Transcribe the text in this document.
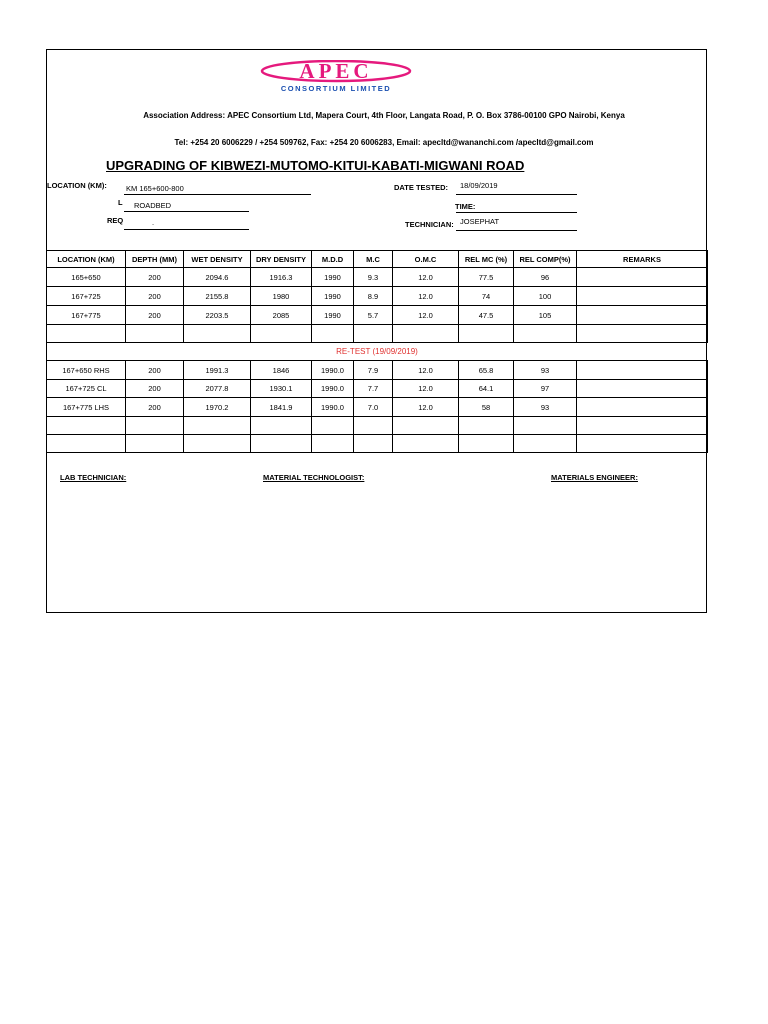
APEC
CONSORTIUM LIMITED
Association Address: APEC Consortium Ltd, Mapera Court, 4th Floor, Langata Road, P. O. Box 3786-00100 GPO Nairobi, Kenya
Tel: +254 20 6006229 / +254 509762, Fax: +254 20 6006283, Email: apecltd@wananchi.com /apecltd@gmail.com
UPGRADING OF KIBWEZI-MUTOMO-KITUI-KABATI-MIGWANI ROAD
LOCATION (KM):	KM 165+600-800
L ROADBED
REQ	.
DATE TESTED: 18/09/2019
TIME:
TECHNICIAN: JOSEPHAT
LOCATION (KM)	DEPTH (MM)	WET DENSITY	DRY DENSITY	M.D.D	M.C	O.M.C	REL MC (%)	REL COMP(%)	REMARKS
165+650	200	2094.6	1916.3	1990	9.3	12.0	77.5	96	
167+725	200	2155.8	1980	1990	8.9	12.0	74	100	
167+775	200	2203.5	2085	1990	5.7	12.0	47.5	105	

RE-TEST (19/09/2019)									
167+650 RHS	200	1991.3	1846	1990.0	7.9	12.0	65.8	93	
167+725 CL	200	2077.8	1930.1	1990.0	7.7	12.0	64.1	97	
167+775 LHS	200	1970.2	1841.9	1990.0	7.0	12.0	58	93	

LAB TECHNICIAN:	MATERIAL TECHNOLOGIST:	MATERIALS ENGINEER:
